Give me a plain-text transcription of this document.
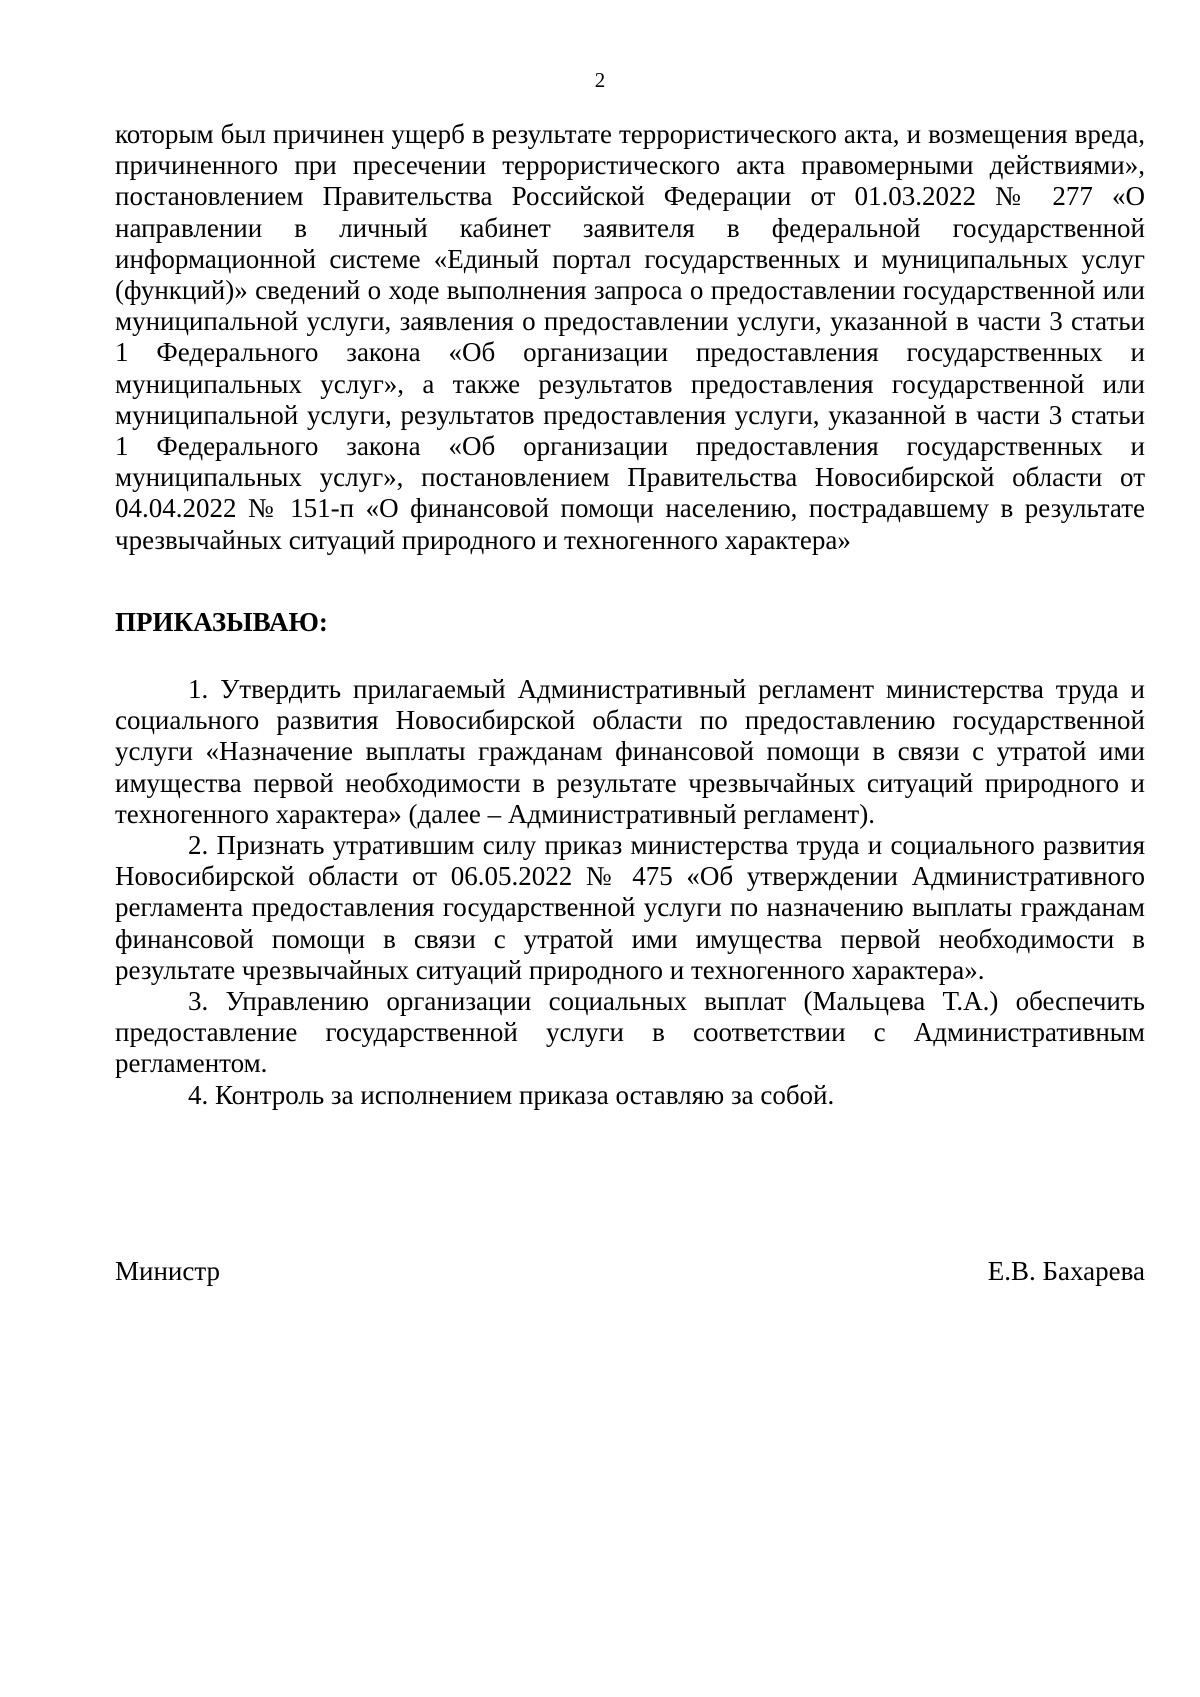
2

которым был причинен ущерб в результате террористического акта, и возмещения вреда, причиненного при пресечении террористического акта правомерными действиями», постановлением Правительства Российской Федерации от 01.03.2022 № 277 «О направлении в личный кабинет заявителя в федеральной государственной информационной системе «Единый портал государственных и муниципальных услуг (функций)» сведений о ходе выполнения запроса о предоставлении государственной или муниципальной услуги, заявления о предоставлении услуги, указанной в части 3 статьи 1 Федерального закона «Об организации предоставления государственных и муниципальных услуг», а также результатов предоставления государственной или муниципальной услуги, результатов предоставления услуги, указанной в части 3 статьи 1 Федерального закона «Об организации предоставления государственных и муниципальных услуг», постановлением Правительства Новосибирской области от 04.04.2022 № 151-п «О финансовой помощи населению, пострадавшему в результате чрезвычайных ситуаций природного и техногенного характера»

ПРИКАЗЫВАЮ:

1. Утвердить прилагаемый Административный регламент министерства труда и социального развития Новосибирской области по предоставлению государственной услуги «Назначение выплаты гражданам финансовой помощи в связи с утратой ими имущества первой необходимости в результате чрезвычайных ситуаций природного и техногенного характера» (далее – Административный регламент).

2. Признать утратившим силу приказ министерства труда и социального развития Новосибирской области от 06.05.2022 № 475 «Об утверждении Административного регламента предоставления государственной услуги по назначению выплаты гражданам финансовой помощи в связи с утратой ими имущества первой необходимости в результате чрезвычайных ситуаций природного и техногенного характера».

3. Управлению организации социальных выплат (Мальцева Т.А.) обеспечить предоставление государственной услуги в соответствии с Административным регламентом.

4. Контроль за исполнением приказа оставляю за собой.

Министр	Е.В. Бахарева
